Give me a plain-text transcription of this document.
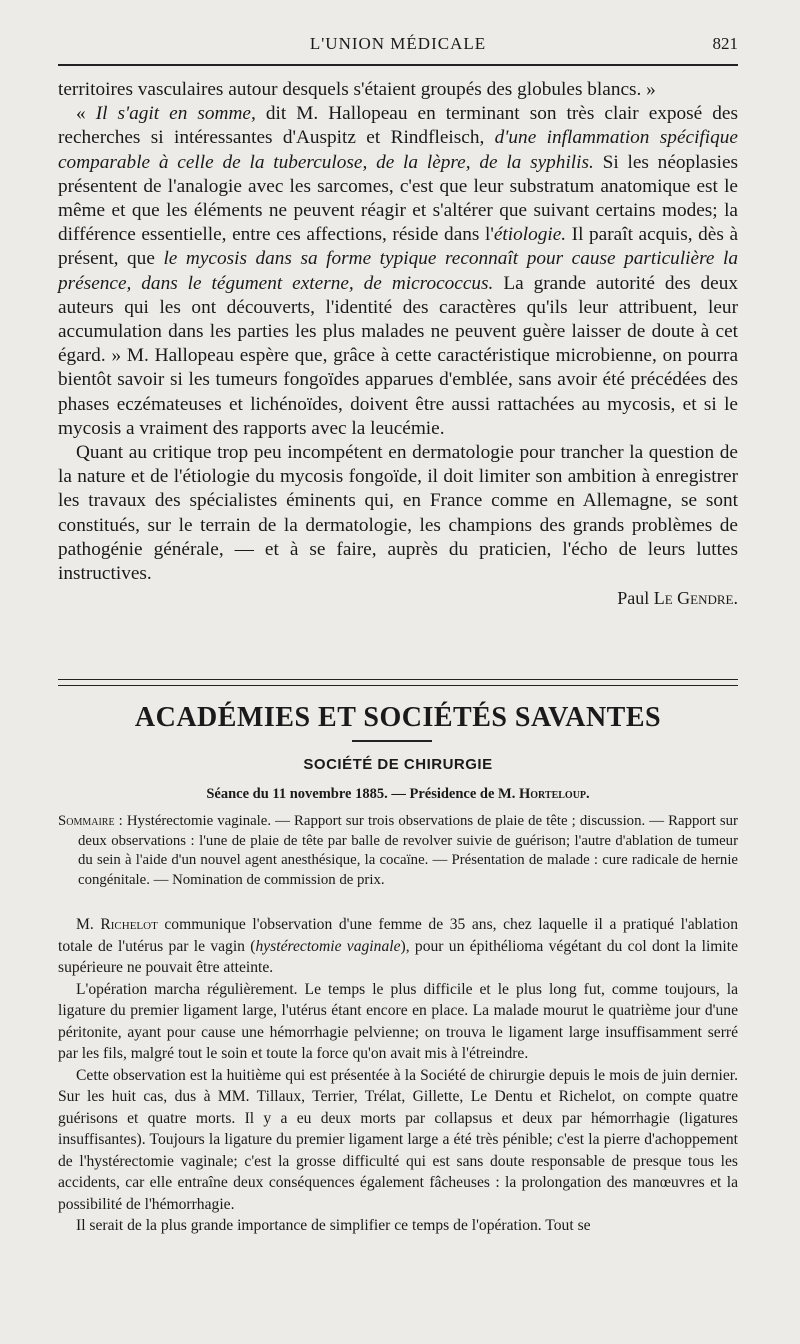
L'UNION MÉDICALE	821

territoires vasculaires autour desquels s'étaient groupés des globules blancs. »

« Il s'agit en somme, dit M. Hallopeau en terminant son très clair exposé des recherches si intéressantes d'Auspitz et Rindfleisch, d'une inflammation spécifique comparable à celle de la tuberculose, de la lèpre, de la syphilis. Si les néoplasies présentent de l'analogie avec les sarcomes, c'est que leur substratum anatomique est le même et que les éléments ne peuvent réagir et s'altérer que suivant certains modes; la différence essentielle, entre ces affections, réside dans l'étiologie. Il paraît acquis, dès à présent, que le mycosis dans sa forme typique reconnaît pour cause particulière la présence, dans le tégument externe, de micrococcus. La grande autorité des deux auteurs qui les ont découverts, l'identité des caractères qu'ils leur attribuent, leur accumulation dans les parties les plus malades ne peuvent guère laisser de doute à cet égard. » M. Hallopeau espère que, grâce à cette caractéristique microbienne, on pourra bientôt savoir si les tumeurs fongoïdes apparues d'emblée, sans avoir été précédées des phases eczémateuses et lichénoïdes, doivent être aussi rattachées au mycosis, et si le mycosis a vraiment des rapports avec la leucémie.

Quant au critique trop peu incompétent en dermatologie pour trancher la question de la nature et de l'étiologie du mycosis fongoïde, il doit limiter son ambition à enregistrer les travaux des spécialistes éminents qui, en France comme en Allemagne, se sont constitués, sur le terrain de la dermatologie, les champions des grands problèmes de pathogénie générale, — et à se faire, auprès du praticien, l'écho de leurs luttes instructives.

Paul Le Gendre.

ACADÉMIES ET SOCIÉTÉS SAVANTES
SOCIÉTÉ DE CHIRURGIE
Séance du 11 novembre 1885. — Présidence de M. Horteloup.
Sommaire : Hystérectomie vaginale. — Rapport sur trois observations de plaie de tête ; discussion. — Rapport sur deux observations : l'une de plaie de tête par balle de revolver suivie de guérison; l'autre d'ablation de tumeur du sein à l'aide d'un nouvel agent anesthésique, la cocaïne. — Présentation de malade : cure radicale de hernie congénitale. — Nomination de commission de prix.

M. Richelot communique l'observation d'une femme de 35 ans, chez laquelle il a pratiqué l'ablation totale de l'utérus par le vagin (hystérectomie vaginale), pour un épithélioma végétant du col dont la limite supérieure ne pouvait être atteinte.

L'opération marcha régulièrement. Le temps le plus difficile et le plus long fut, comme toujours, la ligature du premier ligament large, l'utérus étant encore en place. La malade mourut le quatrième jour d'une péritonite, ayant pour cause une hémorrhagie pelvienne; on trouva le ligament large insuffisamment serré par les fils, malgré tout le soin et toute la force qu'on avait mis à l'étreindre.

Cette observation est la huitième qui est présentée à la Société de chirurgie depuis le mois de juin dernier. Sur les huit cas, dus à MM. Tillaux, Terrier, Trélat, Gillette, Le Dentu et Richelot, on compte quatre guérisons et quatre morts. Il y a eu deux morts par collapsus et deux par hémorrhagie (ligatures insuffisantes). Toujours la ligature du premier ligament large a été très pénible; c'est la pierre d'achoppement de l'hystérectomie vaginale; c'est la grosse difficulté qui est sans doute responsable de presque tous les accidents, car elle entraîne deux conséquences également fâcheuses : la prolongation des manœuvres et la possibilité de l'hémorrhagie.

Il serait de la plus grande importance de simplifier ce temps de l'opération. Tout se
